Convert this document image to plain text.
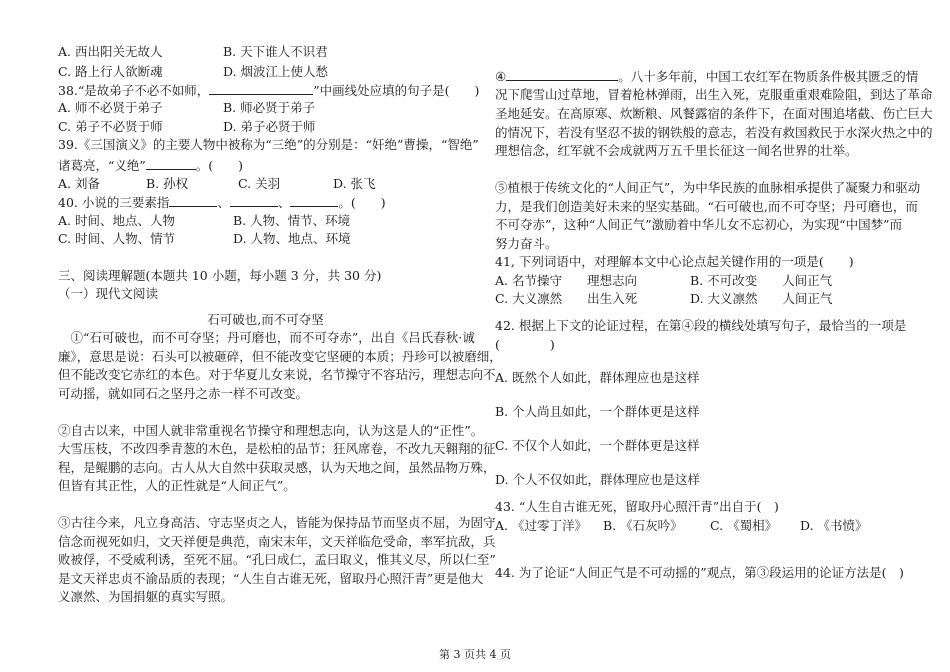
A. 西出阳关无故人	B. 天下谁人不识君
C. 路上行人欲断魂	D. 烟波江上使人愁
38.“是故弟子不必不如师，	”中画线处应填的句子是(　　)
A. 师不必贤于弟子	B. 师必贤于弟子
C. 弟子不必贤于师	D. 弟子必贤于师
39.《三国演义》的主要人物中被称为“三绝”的分别是：“奸绝”曹操，“智绝”
诸葛亮，“义绝”	。(　　)
A. 刘备	B. 孙权	C. 关羽	D. 张飞
40. 小说的三要素指	、	、	。(　　)
A. 时间、地点、人物	B. 人物、情节、环境
C. 时间、人物、情节	D. 人物、地点、环境
三、阅读理解题(本题共 10 小题，每小题 3 分，共 30 分)
（一）现代文阅读
石可破也,而不可夺坚
　①“石可破也，而不可夺坚；丹可磨也，而不可夺赤”，出自《吕氏春秋·诚
廉》，意思是说：石头可以被砸碎，但不能改变它坚硬的本质；丹珍可以被磨细，
但不能改变它赤红的本色。对于华夏儿女来说，名节操守不容玷污，理想志向不
可动摇，就如同石之坚丹之赤一样不可改变。
②自古以来，中国人就非常重视名节操守和理想志向，认为这是人的“正性”。
大雪压枝，不改四季青葱的木色，是松柏的品节；狂风席卷，不改九天翱翔的征
程，是鲲鹏的志向。古人从大自然中获取灵感，认为天地之间，虽然品物万殊，
但皆有其正性，人的正性就是“人间正气”。
③古往今来，凡立身高洁、守志坚贞之人，皆能为保持品节而坚贞不屈，为固守
信念而视死如归，文天祥便是典范，南宋末年，文天祥临危受命，率军抗敌，兵
败被俘，不受威利诱，至死不屈。“孔曰成仁，孟曰取义，惟其义尽，所以仁至”
是文天祥忠贞不渝品质的表现；“人生自古谁无死，留取丹心照汗青”更是他大
义凛然、为国捐躯的真实写照。
④	。八十多年前，中国工农红军在物质条件极其匮乏的情
况下爬雪山过草地，冒着枪林弹雨，出生入死，克服重重艰难险阻，到达了革命
圣地延安。在高原寒、炊断粮、风餐露宿的条件下，在面对围追堵截、伤亡巨大
的情况下，若没有坚忍不拔的钢铁般的意志，若没有救国救民于水深火热之中的
理想信念，红军就不会成就两万五千里长征这一闻名世界的壮举。
⑤植根于传统文化的“人间正气”，为中华民族的血脉相承提供了凝聚力和驱动
力，是我们创造美好未来的坚实基础。“石可破也,而不可夺坚；丹可磨也，而
不可夺赤”，这种“人间正气”激励着中华儿女不忘初心，为实现“中国梦”而
努力奋斗。
41, 下列词语中，对理解本文中心论点起关键作用的一项是(　　)
A. 名节操守　　理想志向	B. 不可改变　　人间正气
C. 大义凛然　　出生入死	D. 大义凛然　　人间正气
42. 根据上下文的论证过程，在第④段的横线处填写句子，最恰当的一项是
(　　　　)
A. 既然个人如此，群体理应也是这样
B. 个人尚且如此，一个群体更是这样
C. 不仅个人如此，一个群体更是这样
D. 个人不仅如此，群体理应也是这样
43. “人生自古谁无死，留取丹心照汗青”出自于(　)
A. 《过零丁洋》 B. 《石灰吟》 C. 《蜀相》 D. 《书愤》
44. 为了论证“人间正气是不可动摇的”观点，第③段运用的论证方法是(　)
第 3 页共 4 页
